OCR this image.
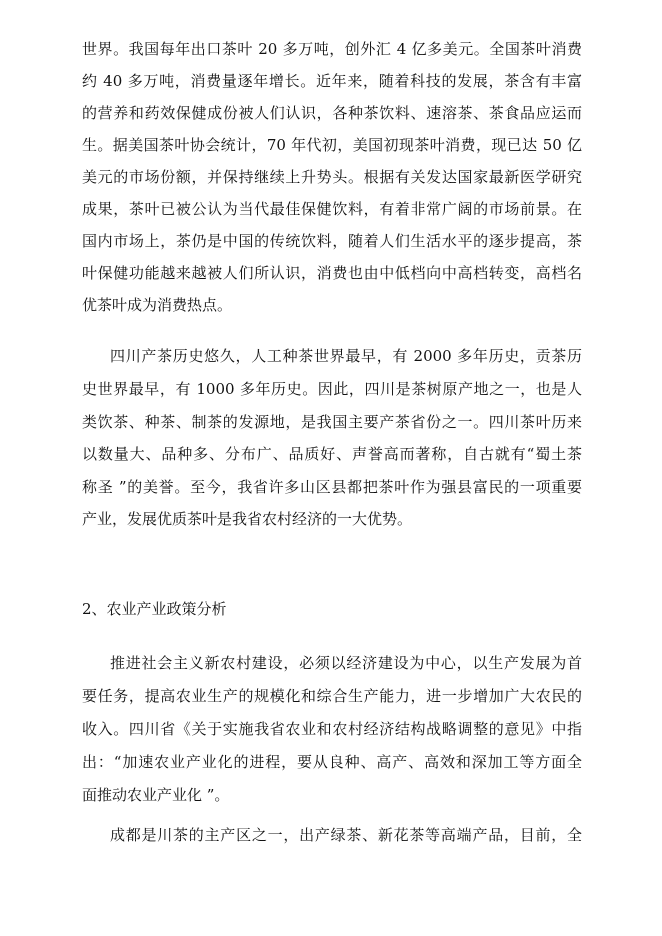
世界。我国每年出口茶叶 20 多万吨，创外汇 4 亿多美元。全国茶叶消费
约 40 多万吨，消费量逐年增长。近年来，随着科技的发展，茶含有丰富
的营养和药效保健成份被人们认识，各种茶饮料、速溶茶、茶食品应运而
生。据美国茶叶协会统计，70 年代初，美国初现茶叶消费，现已达 50 亿
美元的市场份额，并保持继续上升势头。根据有关发达国家最新医学研究
成果，茶叶已被公认为当代最佳保健饮料，有着非常广阔的市场前景。在
国内市场上，茶仍是中国的传统饮料，随着人们生活水平的逐步提高，茶
叶保健功能越来越被人们所认识，消费也由中低档向中高档转变，高档名
优茶叶成为消费热点。
四川产茶历史悠久，人工种茶世界最早，有 2000 多年历史，贡茶历
史世界最早，有 1000 多年历史。因此，四川是茶树原产地之一，也是人
类饮茶、种茶、制茶的发源地，是我国主要产茶省份之一。四川茶叶历来
以数量大、品种多、分布广、品质好、声誉高而著称，自古就有“蜀土茶
称圣 ”的美誉。至今，我省许多山区县都把茶叶作为强县富民的一项重要
产业，发展优质茶叶是我省农村经济的一大优势。
2、农业产业政策分析
推进社会主义新农村建设，必须以经济建设为中心，以生产发展为首
要任务，提高农业生产的规模化和综合生产能力，进一步增加广大农民的
收入。四川省《关于实施我省农业和农村经济结构战略调整的意见》中指
出：“加速农业产业化的进程，要从良种、高产、高效和深加工等方面全
面推动农业产业化 ”。
成都是川茶的主产区之一，出产绿茶、新花茶等高端产品，目前，全
